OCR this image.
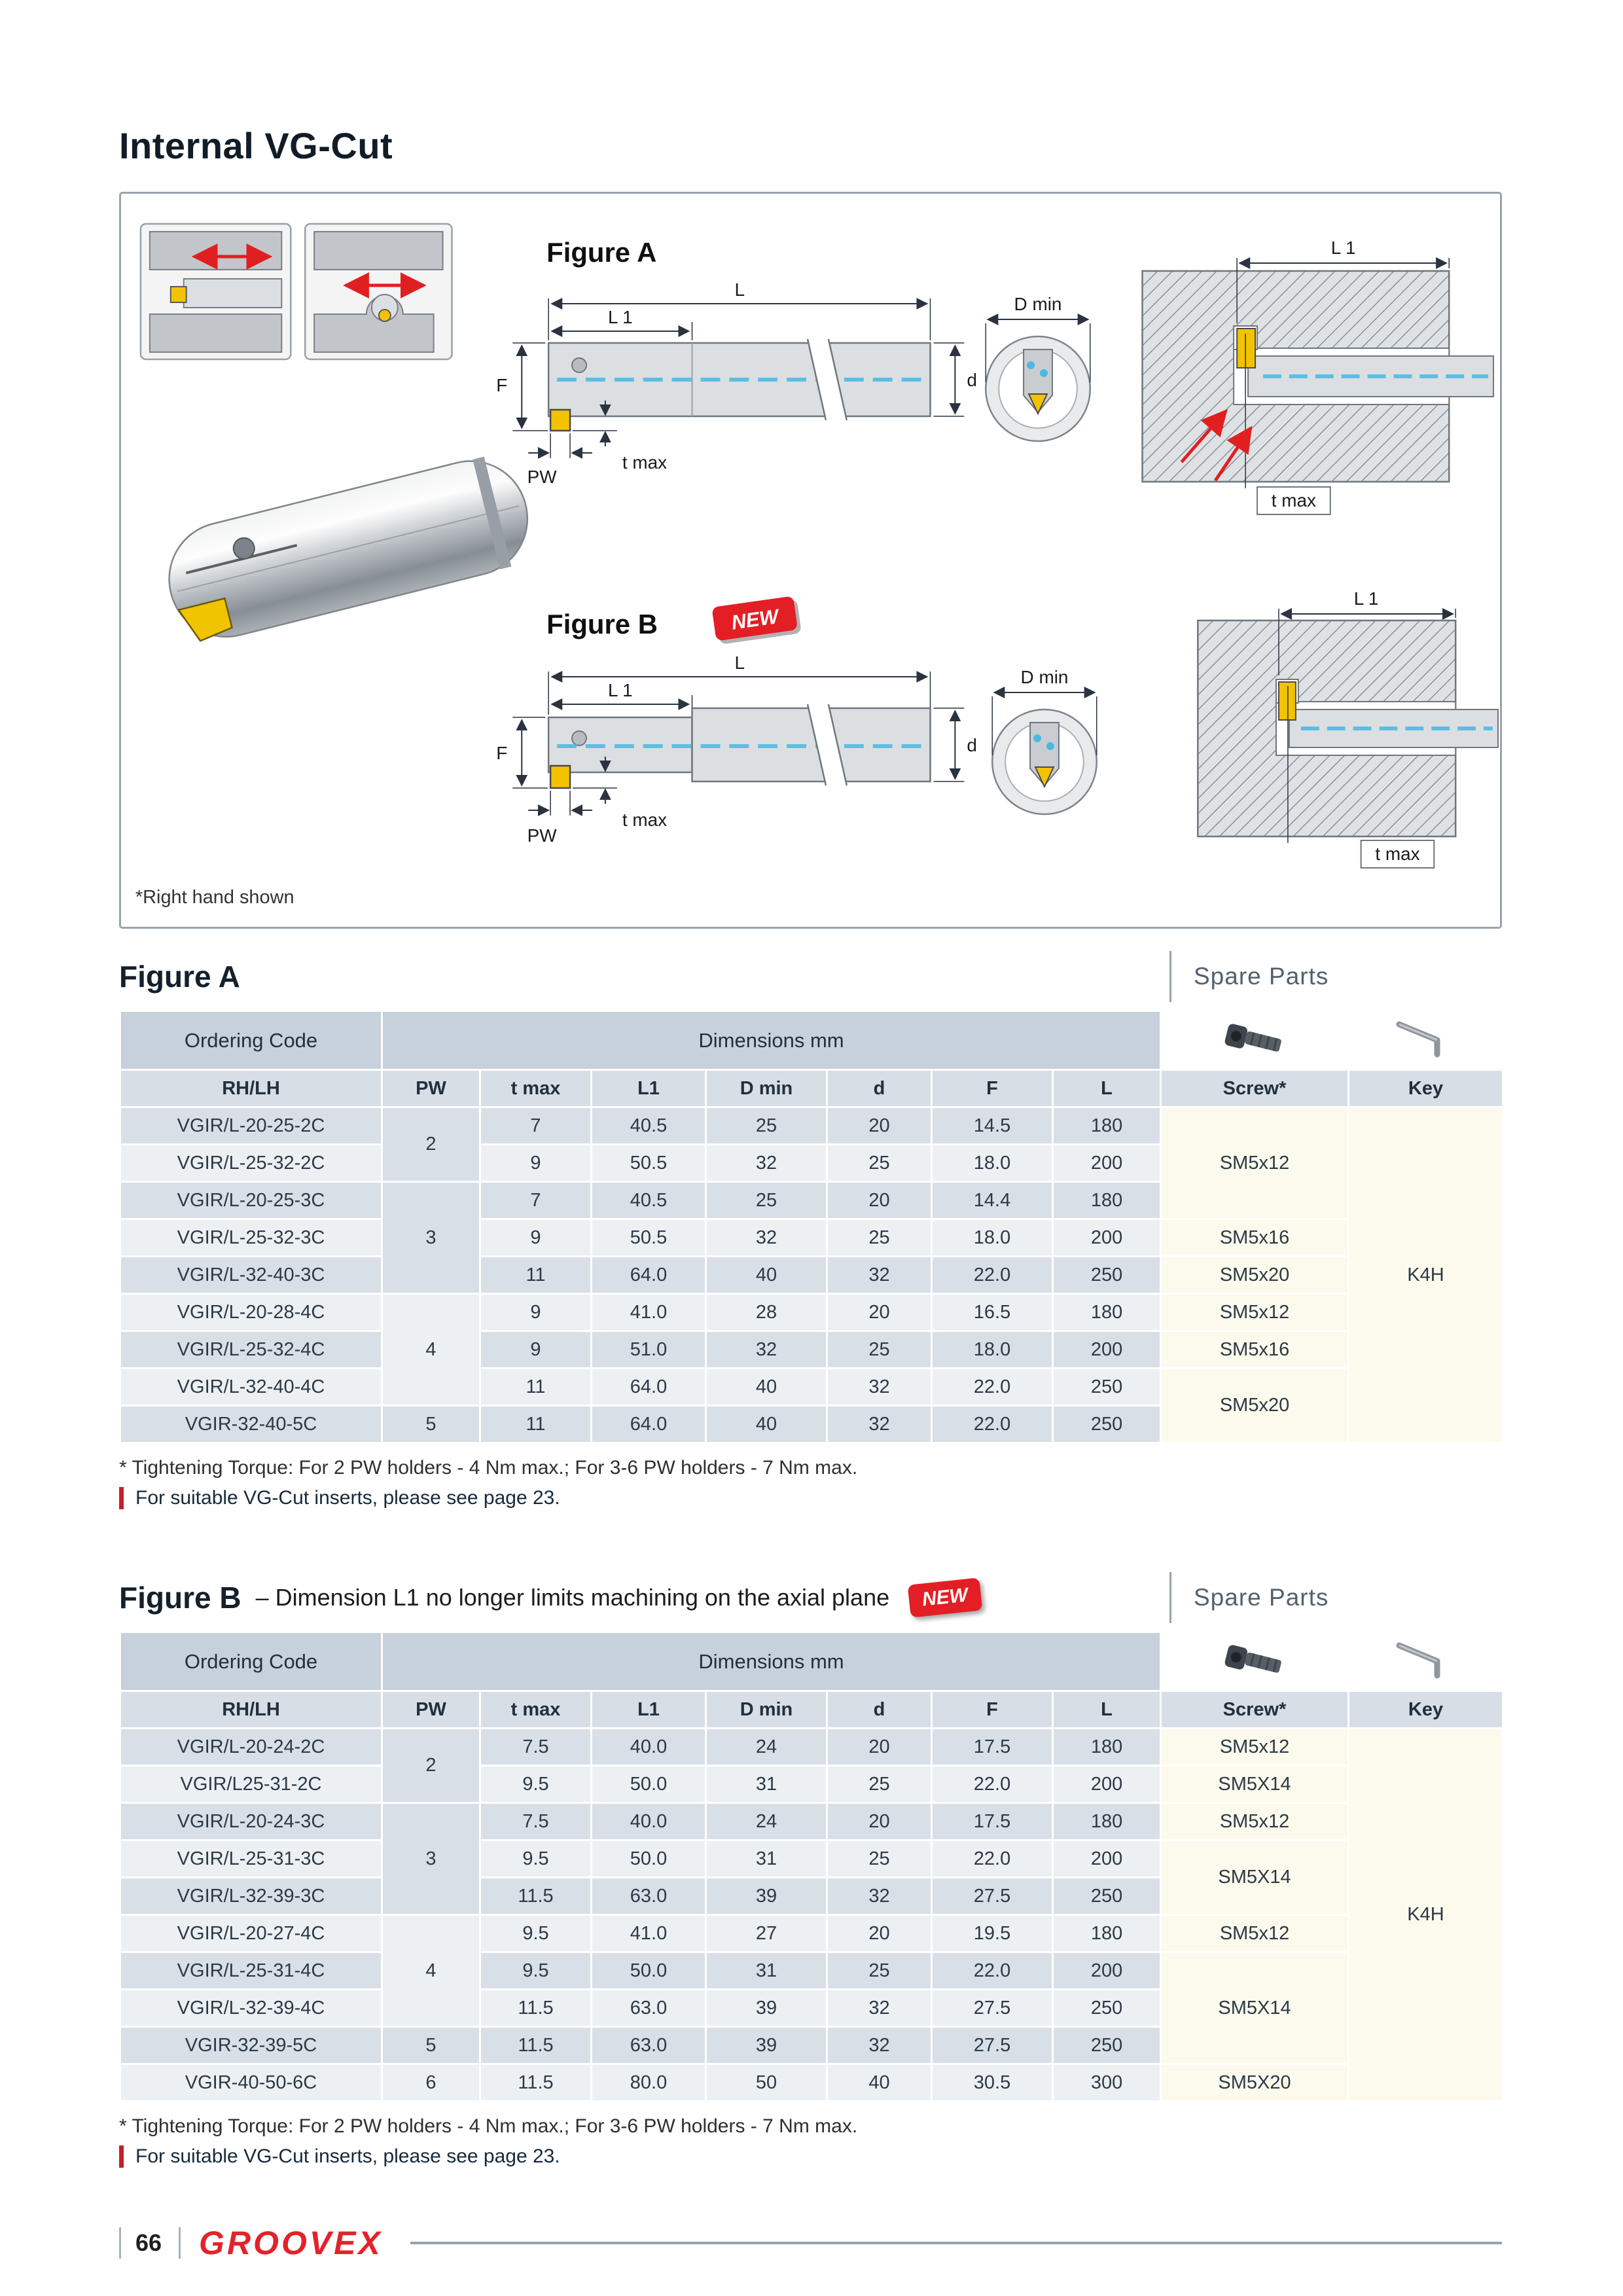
Internal VG-Cut
Figure A
L
L 1
d
F
PW
t max
D min
L 1
t max
Figure B	NEW
L
L 1
d
F
PW
t max
D min
L 1
t max
*Right hand shown
Figure A	Spare Parts
Ordering Code	Dimensions mm		
RH/LH	PW	t max	L1	D min	d	F	L	Screw*	Key
VGIR/L-20-25-2C	2	7	40.5	25	20	14.5	180	SM5x12	K4H
VGIR/L-25-32-2C		9	50.5	32	25	18.0	200		
VGIR/L-20-25-3C	3	7	40.5	25	20	14.4	180		
VGIR/L-25-32-3C		9	50.5	32	25	18.0	200	SM5x16	
VGIR/L-32-40-3C		11	64.0	40	32	22.0	250	SM5x20	
VGIR/L-20-28-4C	4	9	41.0	28	20	16.5	180	SM5x12	
VGIR/L-25-32-4C		9	51.0	32	25	18.0	200	SM5x16	
VGIR/L-32-40-4C		11	64.0	40	32	22.0	250	SM5x20	
VGIR-32-40-5C	5	11	64.0	40	32	22.0	250		
* Tightening Torque: For 2 PW holders - 4 Nm max.; For 3-6 PW holders - 7 Nm max.
For suitable VG-Cut inserts, please see page 23.
Figure B – Dimension L1 no longer limits machining on the axial plane	NEW	Spare Parts
Ordering Code	Dimensions mm		
RH/LH	PW	t max	L1	D min	d	F	L	Screw*	Key
VGIR/L-20-24-2C	2	7.5	40.0	24	20	17.5	180	SM5x12	K4H
VGIR/L25-31-2C		9.5	50.0	31	25	22.0	200	SM5X14	
VGIR/L-20-24-3C	3	7.5	40.0	24	20	17.5	180	SM5x12	
VGIR/L-25-31-3C		9.5	50.0	31	25	22.0	200	SM5X14	
VGIR/L-32-39-3C		11.5	63.0	39	32	27.5	250		
VGIR/L-20-27-4C	4	9.5	41.0	27	20	19.5	180	SM5x12	
VGIR/L-25-31-4C		9.5	50.0	31	25	22.0	200	SM5X14	
VGIR/L-32-39-4C		11.5	63.0	39	32	27.5	250		
VGIR-32-39-5C	5	11.5	63.0	39	32	27.5	250		
VGIR-40-50-6C	6	11.5	80.0	50	40	30.5	300	SM5X20	
* Tightening Torque: For 2 PW holders - 4 Nm max.; For 3-6 PW holders - 7 Nm max.
For suitable VG-Cut inserts, please see page 23.
66 GROOVEX
